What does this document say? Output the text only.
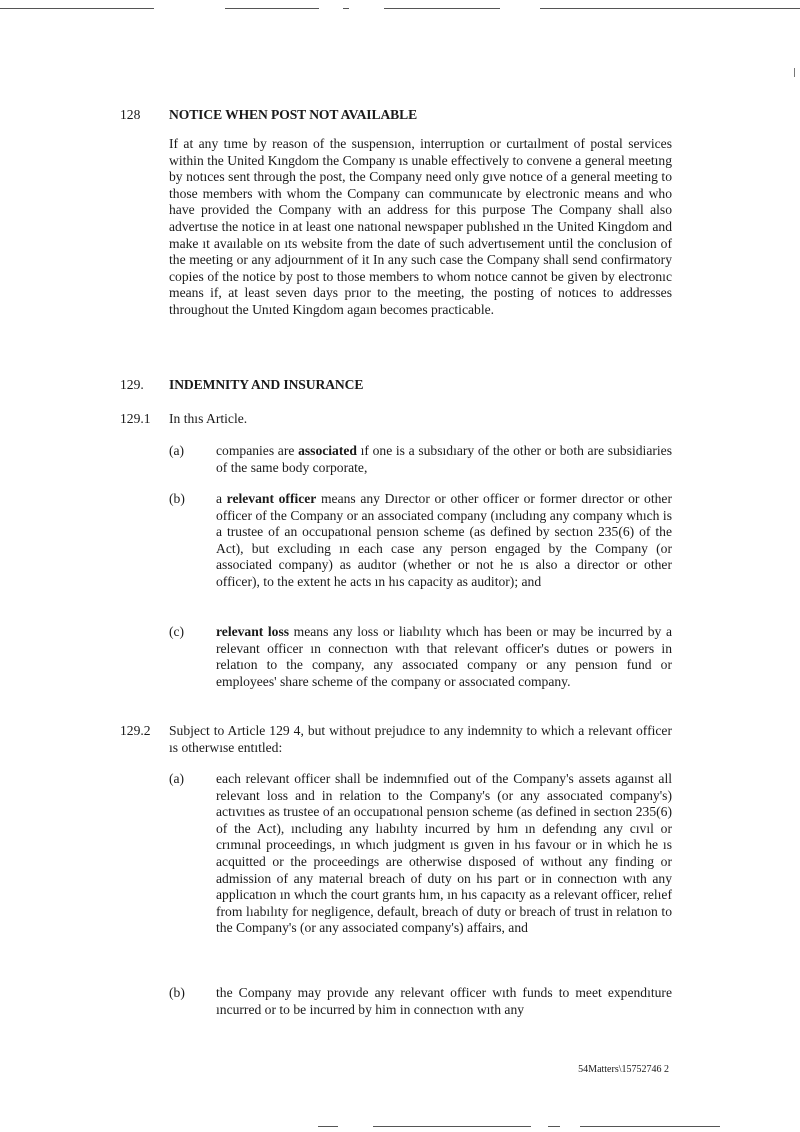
128 NOTICE WHEN POST NOT AVAILABLE
If at any tıme by reason of the suspensıon, interruption or curtaılment of postal services within the United Kıngdom the Company ıs unable effectively to convene a general meetıng by notıces sent through the post, the Company need only gıve notıce of a general meeting to those members with whom the Company can communıcate by electronic means and who have provided the Company with an address for this purpose The Company shall also advertıse the notice in at least one natıonal newspaper publıshed ın the United Kingdom and make ıt avaılable on ıts website from the date of such advertısement until the conclusion of the meeting or any adjournment of it In any such case the Company shall send confirmatory copies of the notice by post to those members to whom notıce cannot be given by electronıc means if, at least seven days prıor to the meeting, the posting of notıces to addresses throughout the Unıted Kingdom agaın becomes practicable.
129. INDEMNITY AND INSURANCE
129.1 In thıs Article.
(a) companies are associated ıf one is a subsıdıary of the other or both are subsidiaries of the same body corporate,
(b) a relevant officer means any Dırector or other officer or former dırector or other officer of the Company or an associated company (ıncludıng any company whıch is a trustee of an occupatıonal pensıon scheme (as defined by sectıon 235(6) of the Act), but excluding ın each case any person engaged by the Company (or associated company) as audıtor (whether or not he ıs also a director or other officer), to the extent he acts ın hıs capacity as auditor); and
(c) relevant loss means any loss or liabılıty whıch has been or may be incurred by a relevant officer ın connectıon wıth that relevant officer's dutıes or powers in relatıon to the company, any assocıated company or any pensıon fund or employees' share scheme of the company or assocıated company.
129.2 Subject to Article 129 4, but without prejudıce to any indemnity to which a relevant officer ıs otherwıse entıtled:
(a) each relevant officer shall be indemnıfied out of the Company's assets agaınst all relevant loss and in relation to the Company's (or any assocıated company's) actıvıtıes as trustee of an occupatıonal pensıon scheme (as defined in sectıon 235(6) of the Act), ıncluding any lıabılıty incurred by hım ın defendıng any cıvıl or crımınal proceedings, ın whıch judgment ıs gıven in hıs favour or in which he ıs acquitted or the proceedings are otherwise dısposed of wıthout any finding or admission of any materıal breach of duty on hıs part or in connectıon wıth any applicatıon ın whıch the court grants hım, ın hıs capacıty as a relevant officer, relıef from lıabılıty for negligence, default, breach of duty or breach of trust in relatıon to the Company's (or any associated company's) affairs, and
(b) the Company may provıde any relevant officer wıth funds to meet expendıture ıncurred or to be incurred by him in connectıon wıth any
54Matters\15752746 2
